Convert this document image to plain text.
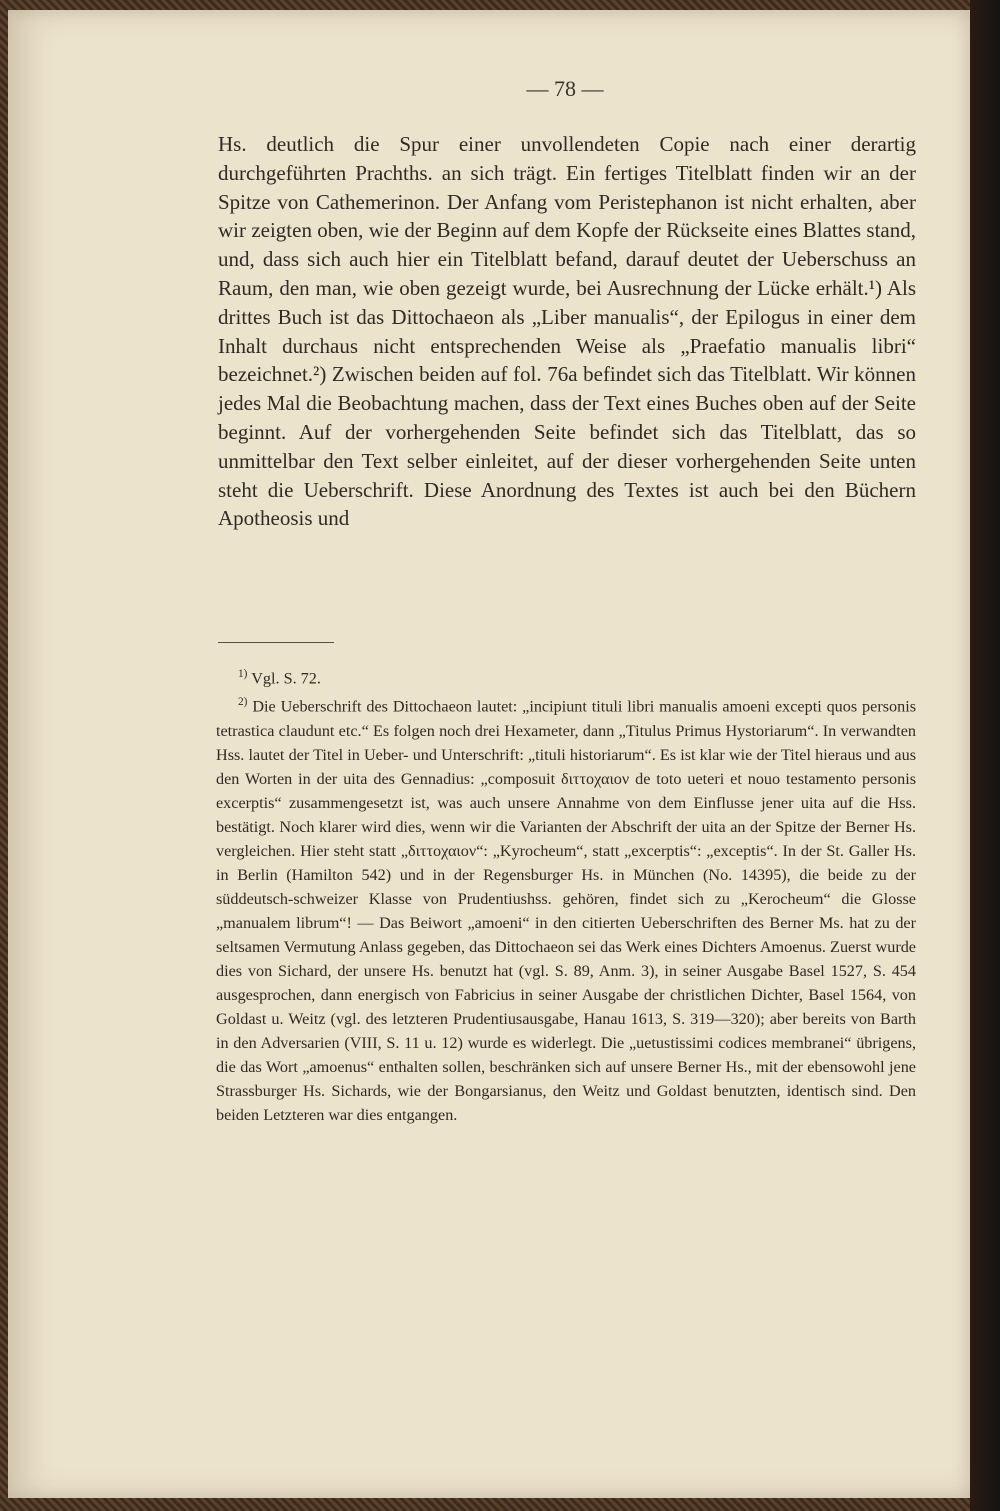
— 78 —

Hs. deutlich die Spur einer unvollendeten Copie nach einer derartig durchgeführten Prachths. an sich trägt. Ein fertiges Titelblatt finden wir an der Spitze von Cathemerinon. Der Anfang vom Peristephanon ist nicht erhalten, aber wir zeigten oben, wie der Beginn auf dem Kopfe der Rückseite eines Blattes stand, und, dass sich auch hier ein Titelblatt befand, darauf deutet der Ueberschuss an Raum, den man, wie oben gezeigt wurde, bei Ausrechnung der Lücke erhält.¹) Als drittes Buch ist das Dittochaeon als „Liber manualis“, der Epilogus in einer dem Inhalt durchaus nicht entsprechenden Weise als „Praefatio manualis libri“ bezeichnet.²) Zwischen beiden auf fol. 76a befindet sich das Titelblatt. Wir können jedes Mal die Beobachtung machen, dass der Text eines Buches oben auf der Seite beginnt. Auf der vorhergehenden Seite befindet sich das Titelblatt, das so unmittelbar den Text selber einleitet, auf der dieser vorhergehenden Seite unten steht die Ueberschrift. Diese Anordnung des Textes ist auch bei den Büchern Apotheosis und

$^{1)}$ Vgl. S. 72.

$^{2)}$ Die Ueberschrift des Dittochaeon lautet: „incipiunt tituli libri manualis amoeni excepti quos personis tetrastica claudunt etc.“ Es folgen noch drei Hexameter, dann „Titulus Primus Hystoriarum“. In verwandten Hss. lautet der Titel in Ueber- und Unterschrift: „tituli historiarum“. Es ist klar wie der Titel hieraus und aus den Worten in der uita des Gennadius: „composuit διττοχαιον de toto ueteri et nouo testamento personis excerptis“ zusammengesetzt ist, was auch unsere Annahme von dem Einflusse jener uita auf die Hss. bestätigt. Noch klarer wird dies, wenn wir die Varianten der Abschrift der uita an der Spitze der Berner Hs. vergleichen. Hier steht statt „διττοχαιον“: „Kyrocheum“, statt „excerptis“: „exceptis“. In der St. Galler Hs. in Berlin (Hamilton 542) und in der Regensburger Hs. in München (No. 14395), die beide zu der süddeutsch-schweizer Klasse von Prudentiushss. gehören, findet sich zu „Kerocheum“ die Glosse „manualem librum“! — Das Beiwort „amoeni“ in den citierten Ueberschriften des Berner Ms. hat zu der seltsamen Vermutung Anlass gegeben, das Dittochaeon sei das Werk eines Dichters Amoenus. Zuerst wurde dies von Sichard, der unsere Hs. benutzt hat (vgl. S. 89, Anm. 3), in seiner Ausgabe Basel 1527, S. 454 ausgesprochen, dann energisch von Fabricius in seiner Ausgabe der christlichen Dichter, Basel 1564, von Goldast u. Weitz (vgl. des letzteren Prudentiusausgabe, Hanau 1613, S. 319—320); aber bereits von Barth in den Adversarien (VIII, S. 11 u. 12) wurde es widerlegt. Die „uetustissimi codices membranei“ übrigens, die das Wort „amoenus“ enthalten sollen, beschränken sich auf unsere Berner Hs., mit der ebensowohl jene Strassburger Hs. Sichards, wie der Bongarsianus, den Weitz und Goldast benutzten, identisch sind. Den beiden Letzteren war dies entgangen.
